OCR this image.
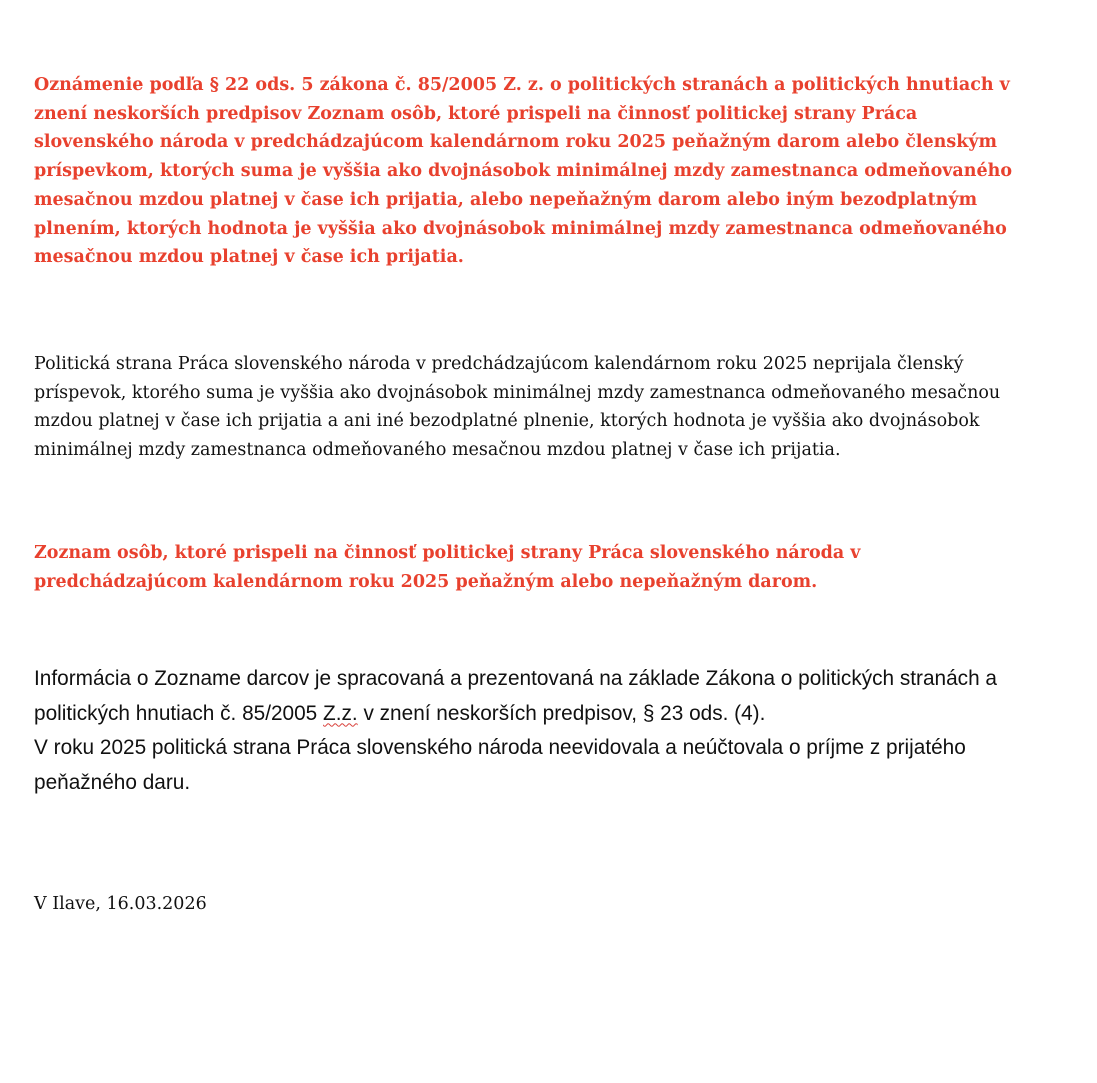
Oznámenie podľa § 22 ods. 5 zákona č. 85/2005 Z. z. o politických stranách a politických hnutiach v znení neskorších predpisov Zoznam osôb, ktoré prispeli na činnosť politickej strany Práca slovenského národa v predchádzajúcom kalendárnom roku 2025 peňažným darom alebo členským príspevkom, ktorých suma je vyššia ako dvojnásobok minimálnej mzdy zamestnanca odmeňovaného mesačnou mzdou platnej v čase ich prijatia, alebo nepeňažným darom alebo iným bezodplatným plnením, ktorých hodnota je vyššia ako dvojnásobok minimálnej mzdy zamestnanca odmeňovaného mesačnou mzdou platnej v čase ich prijatia.

Politická strana Práca slovenského národa v predchádzajúcom kalendárnom roku 2025 neprijala členský príspevok, ktorého suma je vyššia ako dvojnásobok minimálnej mzdy zamestnanca odmeňovaného mesačnou mzdou platnej v čase ich prijatia a ani iné bezodplatné plnenie, ktorých hodnota je vyššia ako dvojnásobok minimálnej mzdy zamestnanca odmeňovaného mesačnou mzdou platnej v čase ich prijatia.

Zoznam osôb, ktoré prispeli na činnosť politickej strany Práca slovenského národa v predchádzajúcom kalendárnom roku 2025 peňažným alebo nepeňažným darom.

Informácia o Zozname darcov je spracovaná a prezentovaná na základe Zákona o politických stranách a politických hnutiach č. 85/2005 Z.z. v znení neskorších predpisov, § 23 ods. (4).
V roku 2025 politická strana Práca slovenského národa neevidovala a neúčtovala o príjme z prijatého peňažného daru.

V Ilave, 16.03.2026
